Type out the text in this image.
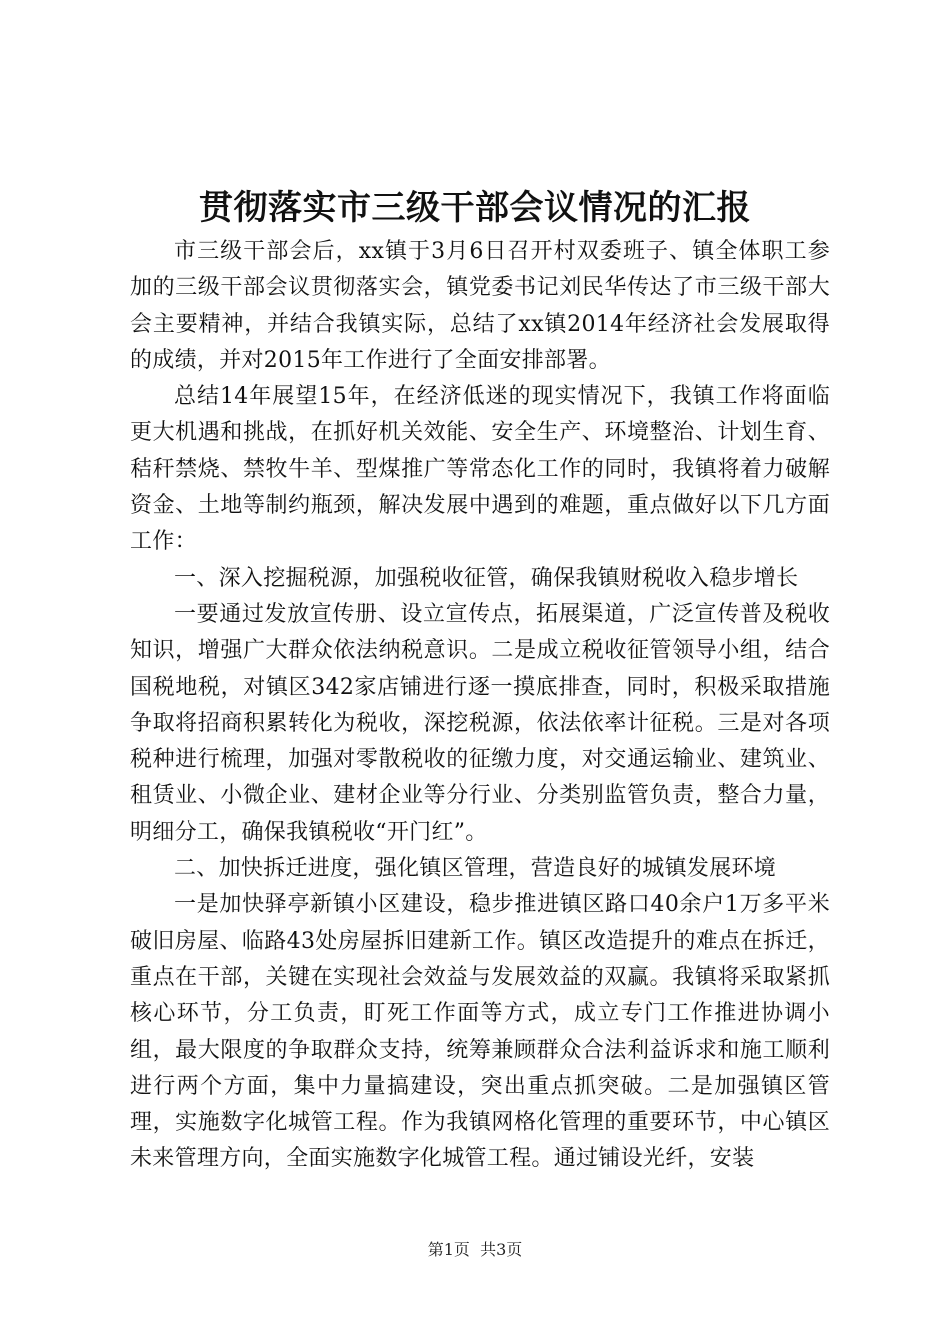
贯彻落实市三级干部会议情况的汇报

市三级干部会后，xx镇于3月6日召开村双委班子、镇全体职工参加的三级干部会议贯彻落实会，镇党委书记刘民华传达了市三级干部大会主要精神，并结合我镇实际，总结了xx镇2014年经济社会发展取得的成绩，并对2015年工作进行了全面安排部署。

总结14年展望15年，在经济低迷的现实情况下，我镇工作将面临更大机遇和挑战，在抓好机关效能、安全生产、环境整治、计划生育、秸秆禁烧、禁牧牛羊、型煤推广等常态化工作的同时，我镇将着力破解资金、土地等制约瓶颈，解决发展中遇到的难题，重点做好以下几方面工作：

一、深入挖掘税源，加强税收征管，确保我镇财税收入稳步增长

一要通过发放宣传册、设立宣传点，拓展渠道，广泛宣传普及税收知识，增强广大群众依法纳税意识。二是成立税收征管领导小组，结合国税地税，对镇区342家店铺进行逐一摸底排查，同时，积极采取措施争取将招商积累转化为税收，深挖税源，依法依率计征税。三是对各项税种进行梳理，加强对零散税收的征缴力度，对交通运输业、建筑业、租赁业、小微企业、建材企业等分行业、分类别监管负责，整合力量，明细分工，确保我镇税收“开门红”。

二、加快拆迁进度，强化镇区管理，营造良好的城镇发展环境

一是加快驿亭新镇小区建设，稳步推进镇区路口40余户1万多平米破旧房屋、临路43处房屋拆旧建新工作。镇区改造提升的难点在拆迁，重点在干部，关键在实现社会效益与发展效益的双赢。我镇将采取紧抓核心环节，分工负责，盯死工作面等方式，成立专门工作推进协调小组，最大限度的争取群众支持，统筹兼顾群众合法利益诉求和施工顺利进行两个方面，集中力量搞建设，突出重点抓突破。二是加强镇区管理，实施数字化城管工程。作为我镇网格化管理的重要环节，中心镇区未来管理方向，全面实施数字化城管工程。通过铺设光纤，安装

第1页 共3页
